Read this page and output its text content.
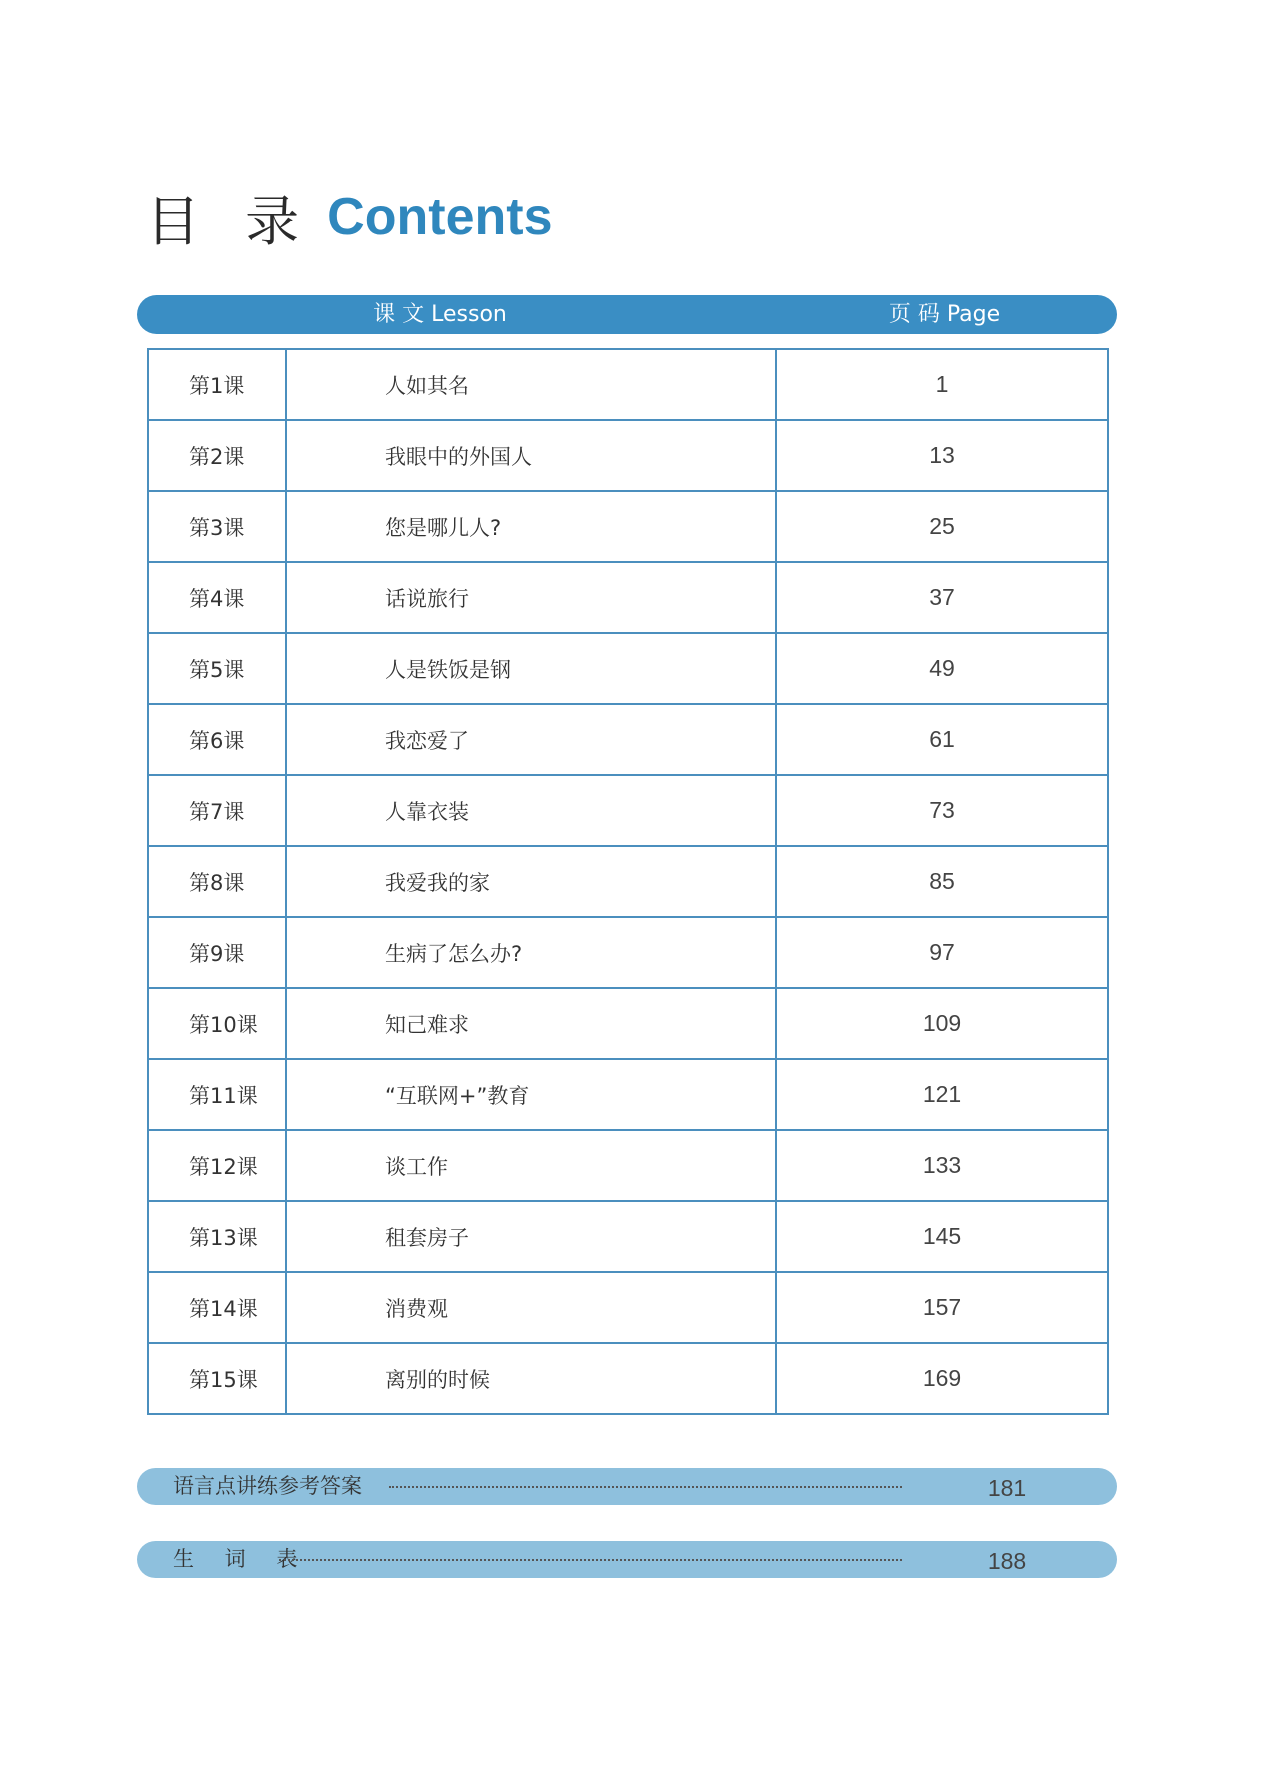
目 录 Contents
课 文 Lesson	页 码 Page
第1课	人如其名	1
第2课	我眼中的外国人	13
第3课	您是哪儿人?	25
第4课	话说旅行	37
第5课	人是铁饭是钢	49
第6课	我恋爱了	61
第7课	人靠衣装	73
第8课	我爱我的家	85
第9课	生病了怎么办?	97
第10课	知己难求	109
第11课	“互联网+”教育	121
第12课	谈工作	133
第13课	租套房子	145
第14课	消费观	157
第15课	离别的时候	169
语言点讲练参考答案	181
生 词 表	188
